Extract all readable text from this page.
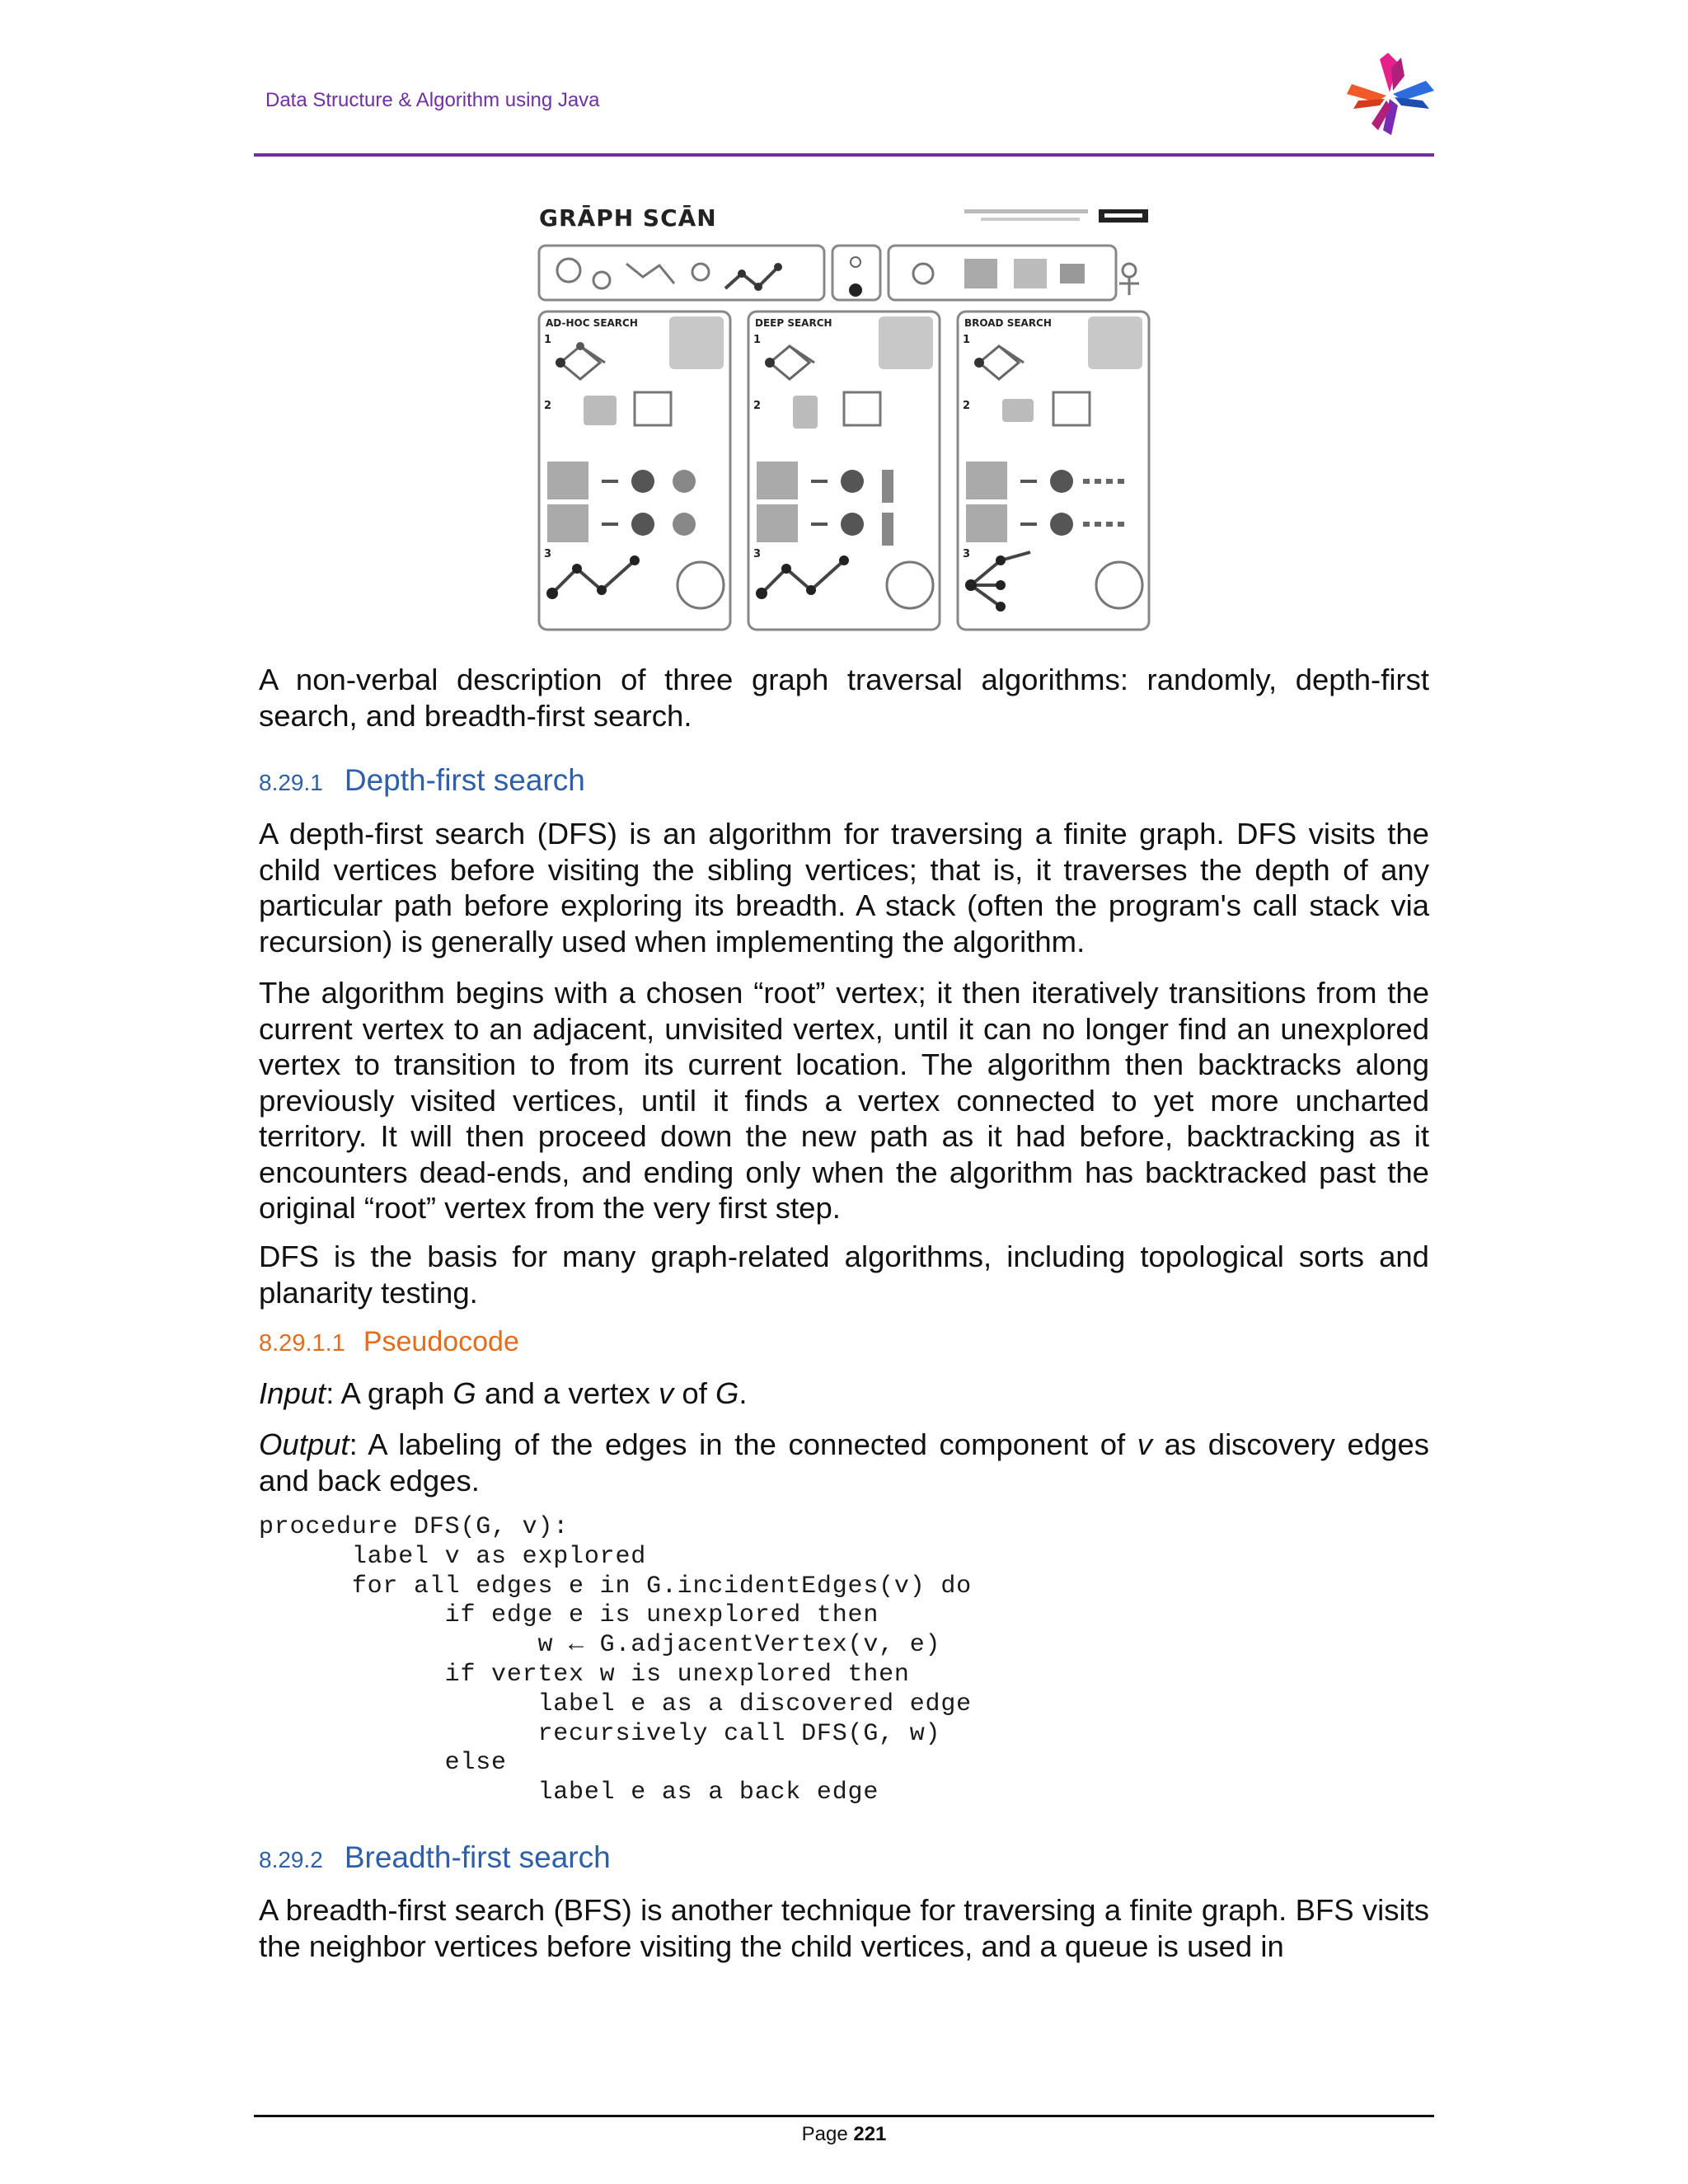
Data Structure & Algorithm using Java
GRĀPH SCĀN
AD-HOC SEARCH
1
2
3
DEEP SEARCH
1
2
3
BROAD SEARCH
1
2
3

A non-verbal description of three graph traversal algorithms: randomly, depth-first search, and breadth-first search.

8.29.1 Depth-first search

A depth-first search (DFS) is an algorithm for traversing a finite graph. DFS visits the child vertices before visiting the sibling vertices; that is, it traverses the depth of any particular path before exploring its breadth. A stack (often the program's call stack via recursion) is generally used when implementing the algorithm.

The algorithm begins with a chosen “root” vertex; it then iteratively transitions from the current vertex to an adjacent, unvisited vertex, until it can no longer find an unexplored vertex to transition to from its current location. The algorithm then backtracks along previously visited vertices, until it finds a vertex connected to yet more uncharted territory. It will then proceed down the new path as it had before, backtracking as it encounters dead-ends, and ending only when the algorithm has backtracked past the original “root” vertex from the very first step.

DFS is the basis for many graph-related algorithms, including topological sorts and planarity testing.

8.29.1.1 Pseudocode

Input: A graph G and a vertex v of G.

Output: A labeling of the edges in the connected component of v as discovery edges and back edges.

procedure DFS(G, v):
label v as explored
for all edges e in G.incidentEdges(v) do
if edge e is unexplored then
w ← G.adjacentVertex(v, e)
if vertex w is unexplored then
label e as a discovered edge
recursively call DFS(G, w)
else
label e as a back edge
8.29.2 Breadth-first search

A breadth-first search (BFS) is another technique for traversing a finite graph. BFS visits the neighbor vertices before visiting the child vertices, and a queue is used in

Page 221
